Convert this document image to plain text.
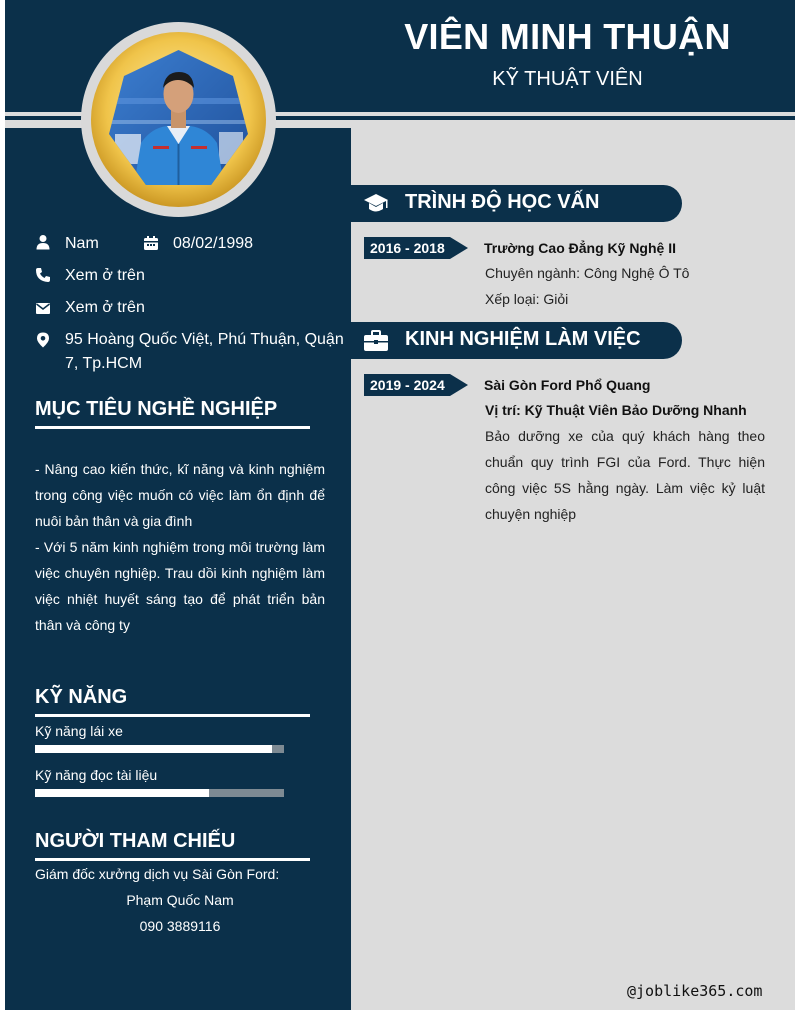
VIÊN MINH THUẬN
KỸ THUẬT VIÊN
Nam	08/02/1998
Xem ở trên
Xem ở trên
95 Hoàng Quốc Việt, Phú Thuận, Quận 7, Tp.HCM
MỤC TIÊU NGHỀ NGHIỆP
- Nâng cao kiến thức, kĩ năng và kinh nghiệm trong công việc muốn có việc làm ổn định để nuôi bản thân và gia đình
- Với 5 năm kinh nghiệm trong môi trường làm việc chuyên nghiệp. Trau dồi kinh nghiệm làm việc nhiệt huyết sáng tạo để phát triển bản thân và công ty
KỸ NĂNG
Kỹ năng lái xe
Kỹ năng đọc tài liệu
NGƯỜI THAM CHIẾU
Giám đốc xưởng dịch vụ Sài Gòn Ford:
Phạm Quốc Nam
090 3889116
TRÌNH ĐỘ HỌC VẤN
2016 - 2018	Trường Cao Đẳng Kỹ Nghệ II
Chuyên ngành: Công Nghệ Ô Tô
Xếp loại: Giỏi
KINH NGHIỆM LÀM VIỆC
2019 - 2024	Sài Gòn Ford Phổ Quang
Vị trí: Kỹ Thuật Viên Bảo Dưỡng Nhanh
Bảo dưỡng xe của quý khách hàng theo chuẩn quy trình FGI của Ford. Thực hiện công việc 5S hằng ngày. Làm việc kỷ luật chuyện nghiệp
@joblike365.com
